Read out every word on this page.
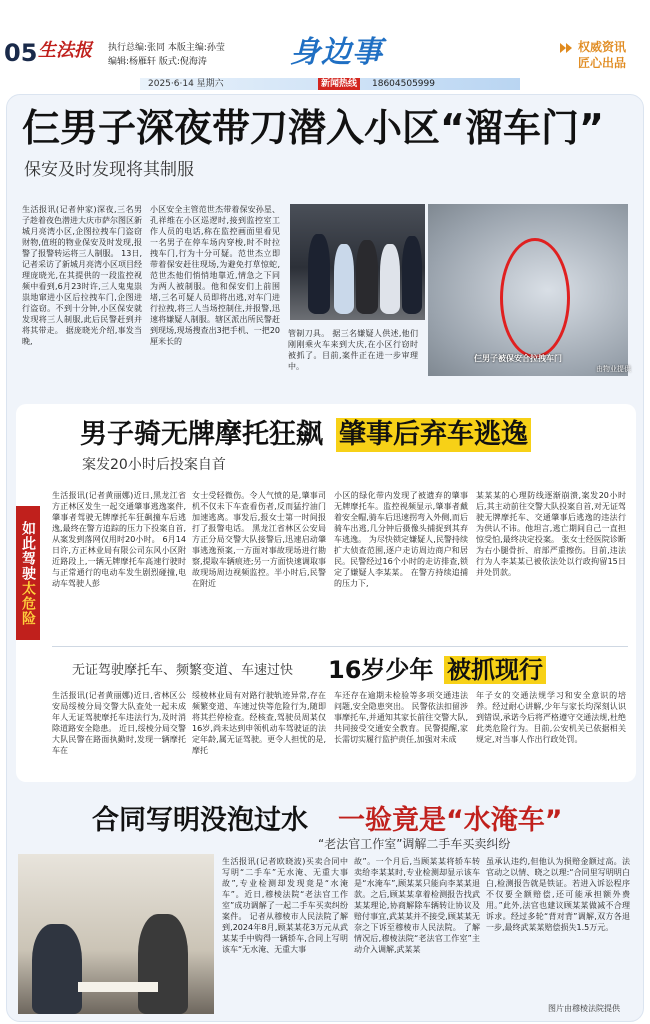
05 生法报 执行总编:张同 本版主编:孙莹
编辑:杨雁轩 版式:倪海涛	身边事	权威资讯
匠心出品
2025·6·14 星期六	新闻热线	18604505999
仨男子深夜带刀潜入小区“溜车门”
保安及时发现将其制服
生活报讯(记者仲家)深夜,三名男子趁着夜色潜进大庆市萨尔图区新城月亮湾小区,企图拉拽车门盗窃财物,值班的物业保安及时发现,报警了报警转运将三人制服。 13日,记者采访了新城月亮湾小区项目经理庞晓光,在其提供的一段监控视频中看到,6月23时许,三人鬼鬼祟祟地窜进小区后拉拽车门,企图进行盗窃。不到十分钟,小区保安就发现将三人制服,此后民警赶到并将其带走。 据庞晓光介绍,事发当晚,
小区安全主管范世杰带着保安孙星、孔祥维在小区巡逻时,接到监控室工作人员的电话,称在监控画面里看见一名男子在停车场内穿梭,时不时拉拽车门,行为十分可疑。范世杰立即带着保安赶往现场,为避免打草惊蛇,范世杰他们悄悄地靠近,情急之下同为两人被制服。他和保安们上前围堵,三名可疑人员即将出逃,对车门进行拉拽,将三人当场控制住,并报警,迅速将嫌疑人制服。辖区派出所民警赶到现场,现场搜查出3把手机、一把20厘米长的
管制刀具。 据三名嫌疑人供述,他们刚刚乘火车来到大庆,在小区行窃时被抓了。目前,案件正在进一步审理中。
仨男子被保安合拉拽车门
由物业提供
如此驾驶太危险
男子骑无牌摩托狂飙 肇事后弃车逃逸
案发20小时后投案自首
生活报讯(记者黄丽娜)近日,黑龙江省方正林区发生一起交通肇事逃逸案件,肇事者驾驶无牌摩托车狂飙撞车后逃逸,最终在警方追踪的压力下投案自首,从案发到落网仅用时20小时。 6月14日许,方正林业局有限公司东风小区附近路段上,一辆无牌摩托车高速行驶时与正常通行的电动车发生剧烈碰撞,电动车驾驶人彭
女士受轻微伤。令人气愤的是,肇事司机不仅未下车查看伤者,反而猛拧油门加速逃离。事发后,报女士第一时间报打了报警电话。 黑龙江省林区公安局方正分局交警大队接警后,迅速启动肇事逃逸预案,一方面对事故现场进行勘察,提取车辆痕迹;另一方面快速调取事故现场周边视频监控。半小时后,民警在附近
小区的绿化带内发现了被遗弃的肇事无牌摩托车。监控视频显示,肇事者戴着安全帽,骑车后迅速拐弯入外侧,而后骑车出逃,几分钟后摄像头捕捉到其弃车逃逸。 为尽快锁定嫌疑人,民警持续扩大侦查范围,逐户走访周边商户和居民。民警经过16个小时的走访排查,锁定了嫌疑人李某某。 在警方持续追捕的压力下,
某某某的心理防线逐渐崩溃,案发20小时后,其主动前往交警大队投案自首,对无证驾驶无牌摩托车、交通肇事后逃逸的违法行为供认不讳。他坦言,逃亡期间自己一直担惊受怕,最终决定投案。 张女士经医院诊断为右小腿骨折、肩部严重擦伤。目前,违法行为人李某某已被依法处以行政拘留15日并处罚款。
无证驾驶摩托车、频繁变道、车速过快 16岁少年 被抓现行
生活报讯(记者黄丽娜)近日,省林区公安局绥棱分局交警大队查处一起未成年人无证驾驶摩托车违法行为,及时消除道路安全隐患。 近日,绥棱分局交警大队民警在路面执勤时,发现一辆摩托车在
绥棱林业局有对路行驶轨迹异常,存在频繁变道、车速过快等危险行为,随即将其拦停检查。经核查,驾驶员周某仅16岁,尚未达到申领机动车驾驶证的法定年龄,属无证驾驶。更令人担忧的是,摩托
车还存在逾期未检验等多项交通违法问题,安全隐患突出。 民警依法扣留涉事摩托车,并通知其家长前往交警大队,共同接受交通安全教育。民警提醒,家长需切实履行监护责任,加强对未成
年子女的交通法规学习和安全意识的培养。经过耐心讲解,少年与家长均深刻认识到错误,承诺今后将严格遵守交通法规,杜绝此类危险行为。目前,公安机关已依据相关规定,对当事人作出行政处罚。
合同写明没泡过水 一验竟是“水淹车”
“老法官工作室”调解二手车买卖纠纷
生活报讯(记者欧晓波)买卖合同中写明“二手车”无水淹、无重大事故”,专业检测却发现竟是“水淹车”。近日,穆棱法院“老法官工作室”成功调解了一起二手车买卖纠纷案件。 记者从穆棱市人民法院了解到,2024年8月,顾某某花3万元从武某某手中购得一辆轿车,合同上写明该车“无水淹、无重大事
故”。一个月后,当顾某某将轿车转卖给李某某时,专业检测却显示该车是“水淹车”,顾某某只能向李某某退款。之后,顾某某拿着检测报告找武某某理论,协商解除车辆转让协议及赔付事宜,武某某并不接受,顾某某无奈之下诉至穆棱市人民法院。 了解情况后,穆棱法院“老法官工作室”主动介入调解,武某某
虽承认违约,但他认为损赔金额过高。法官动之以情、晓之以理:“合同里写明明白白,检测报告就是铁证。若进入诉讼程序不仅要全额赔偿,还可能承担额外费用。”此外,法官也建议顾某某做减不合理诉求。经过多轮“背对背”调解,双方各退一步,最终武某某赔偿损失1.5万元。
图片由穆棱法院提供
